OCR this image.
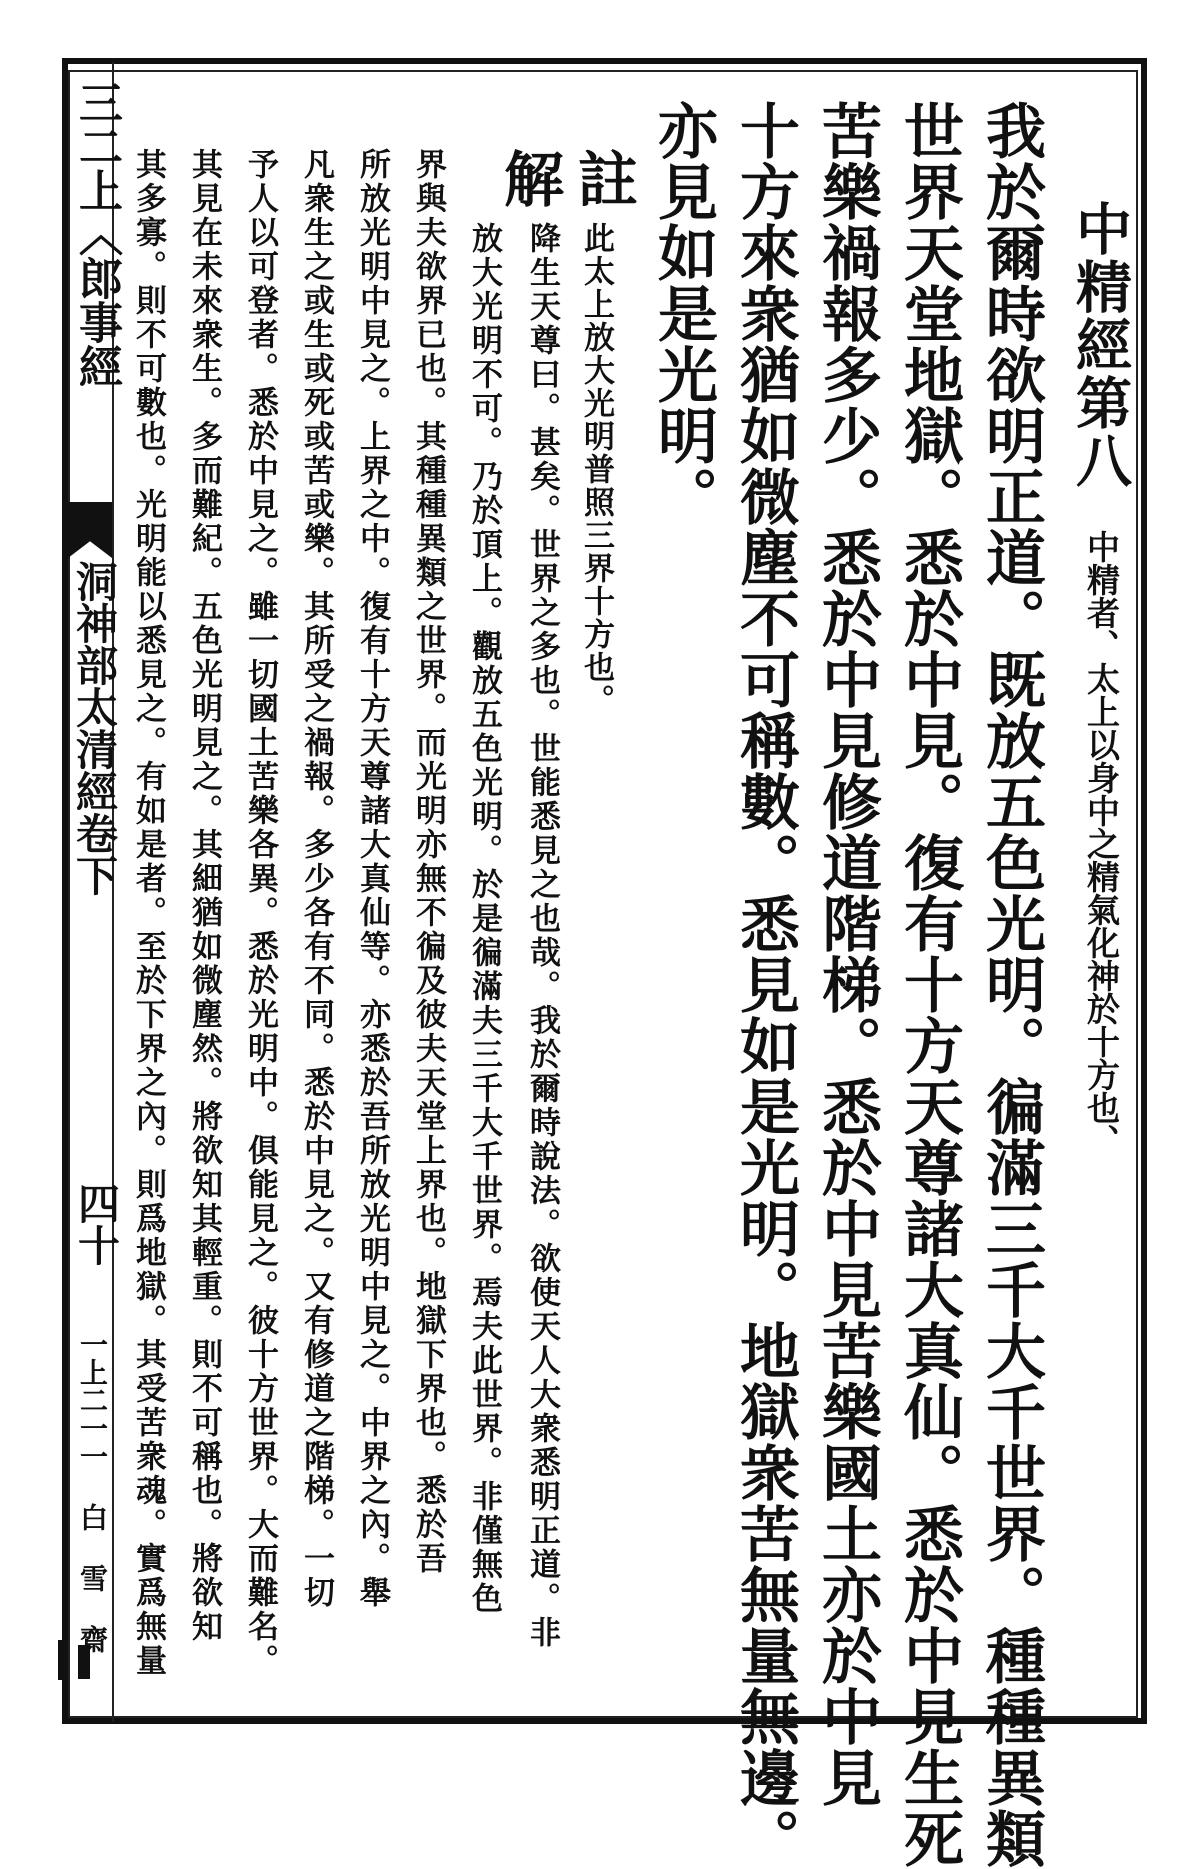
中精經第八
中精者、太上以身中之精氣化神於十方也、
我於爾時欲明正道。既放五色光明。徧滿三千大千世界。種種異類
世界天堂地獄。悉於中見。復有十方天尊諸大真仙。悉於中見生死
苦樂禍報多少。悉於中見修道階梯。悉於中見苦樂國土亦於中見
十方來衆猶如微塵不可稱數。悉見如是光明。地獄衆苦無量無邊。
亦見如是光明。
註
此太上放大光明普照三界十方也。
解
降生天尊曰。甚矣。世界之多也。世能悉見之也哉。我於爾時說法。欲使天人大衆悉明正道。非
放大光明不可。乃於頂上。觀放五色光明。於是徧滿夫三千大千世界。焉夫此世界。非僅無色
界與夫欲界已也。其種種異類之世界。而光明亦無不徧及彼夫天堂上界也。地獄下界也。悉於吾
所放光明中見之。上界之中。復有十方天尊諸大真仙等。亦悉於吾所放光明中見之。中界之內。舉
凡衆生之或生或死或苦或樂。其所受之禍報。多少各有不同。悉於中見之。又有修道之階梯。一切
予人以可登者。悉於中見之。雖一切國土苦樂各異。悉於光明中。俱能見之。彼十方世界。大而難名。
其見在未來衆生。多而難紀。五色光明見之。其細猶如微塵然。將欲知其輕重。則不可稱也。將欲知
其多寡。則不可數也。光明能以悉見之。有如是者。至於下界之內。則爲地獄。其受苦衆魂。實爲無量
三二上〈郎事經
洞神部太清經卷下
四十
一上二一一 白 雪 齋
